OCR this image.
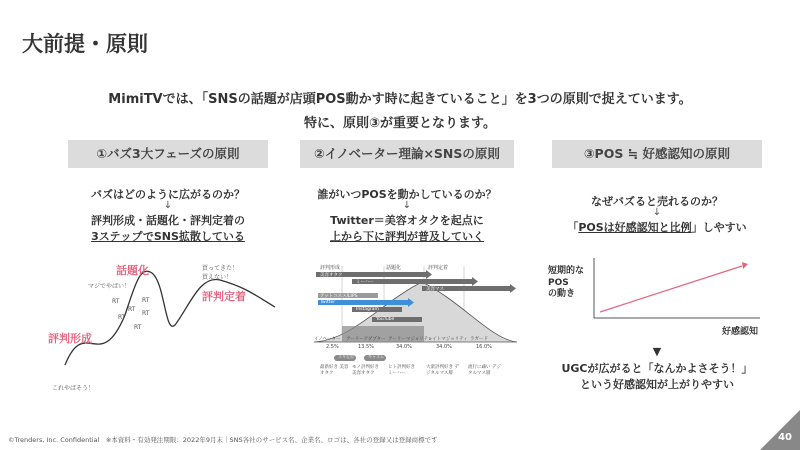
大前提・原則
MimiTVでは、「SNSの話題が店頭POS動かす時に起きていること」を3つの原則で捉えています。
特に、原則③が重要となります。
①バズ3大フェーズの原則
バズはどのように広がるのか？
↓
評判形成・話題化・評判定着の
3ステップでSNS拡散している
話題化
評判形成
評判定着
マジでやばい！
買ってきた！
買えない！
これやばそう！
RT	RT
RT
RT
RT
RT
②イノベーター理論×SNSの原則
誰がいつPOSを動かしているのか？
↓
Twitter＝美容オタクを起点に
上から下に評判が普及していく
評判形成	話題化	評判定着
イノベーター アーリーアダプター アーリーマジョリティ
レイトマジョリティ ラガード
2.5%	13.5%	34.0%	34.0%	16.0%
スキな型	キャズム
最新好き 美容オタク
モノ評判好き 美容オタク
ヒト評判好き ミーハー
大衆評判好き デジタルマス層
流行に疎い デジタルマス層
美容オタク
ミーハー
美容マス
アットコスメ/LIPS
Twitter
Instagram
YouTube
③POS ≒ 好感認知の原則
なぜバズると売れるのか？
↓
「POSは好感認知と比例」しやすい
短期的な
POS
の動き
好感認知
▼
UGCが広がると「なんかよさそう！」
という好感認知が上がりやすい
©Trenders, Inc. Confidential　※本資料・有効発注期限：2022年9月末｜SNS各社のサービス名、企業名、ロゴは、各社の登録又は登録商標です	40
